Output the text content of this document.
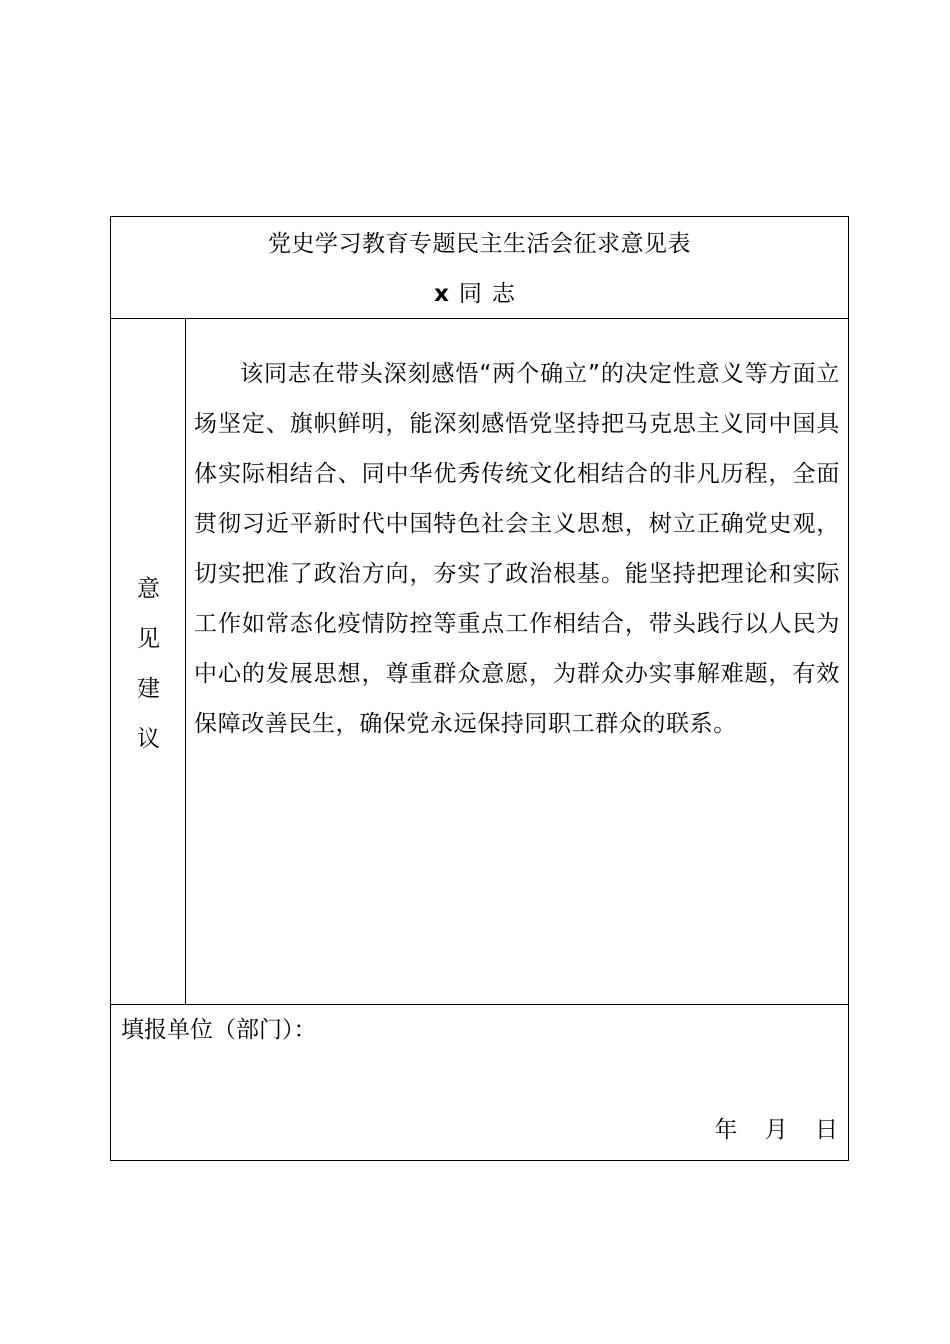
党史学习教育专题民主生活会征求意见表
x 同志
意
见
建
议

该同志在带头深刻感悟“两个确立”的决定性意义等方面立场坚定、旗帜鲜明，能深刻感悟党坚持把马克思主义同中国具体实际相结合、同中华优秀传统文化相结合的非凡历程，全面贯彻习近平新时代中国特色社会主义思想，树立正确党史观，切实把准了政治方向，夯实了政治根基。能坚持把理论和实际工作如常态化疫情防控等重点工作相结合，带头践行以人民为中心的发展思想，尊重群众意愿，为群众办实事解难题，有效保障改善民生，确保党永远保持同职工群众的联系。

填报单位（部门）：
年 月 日
